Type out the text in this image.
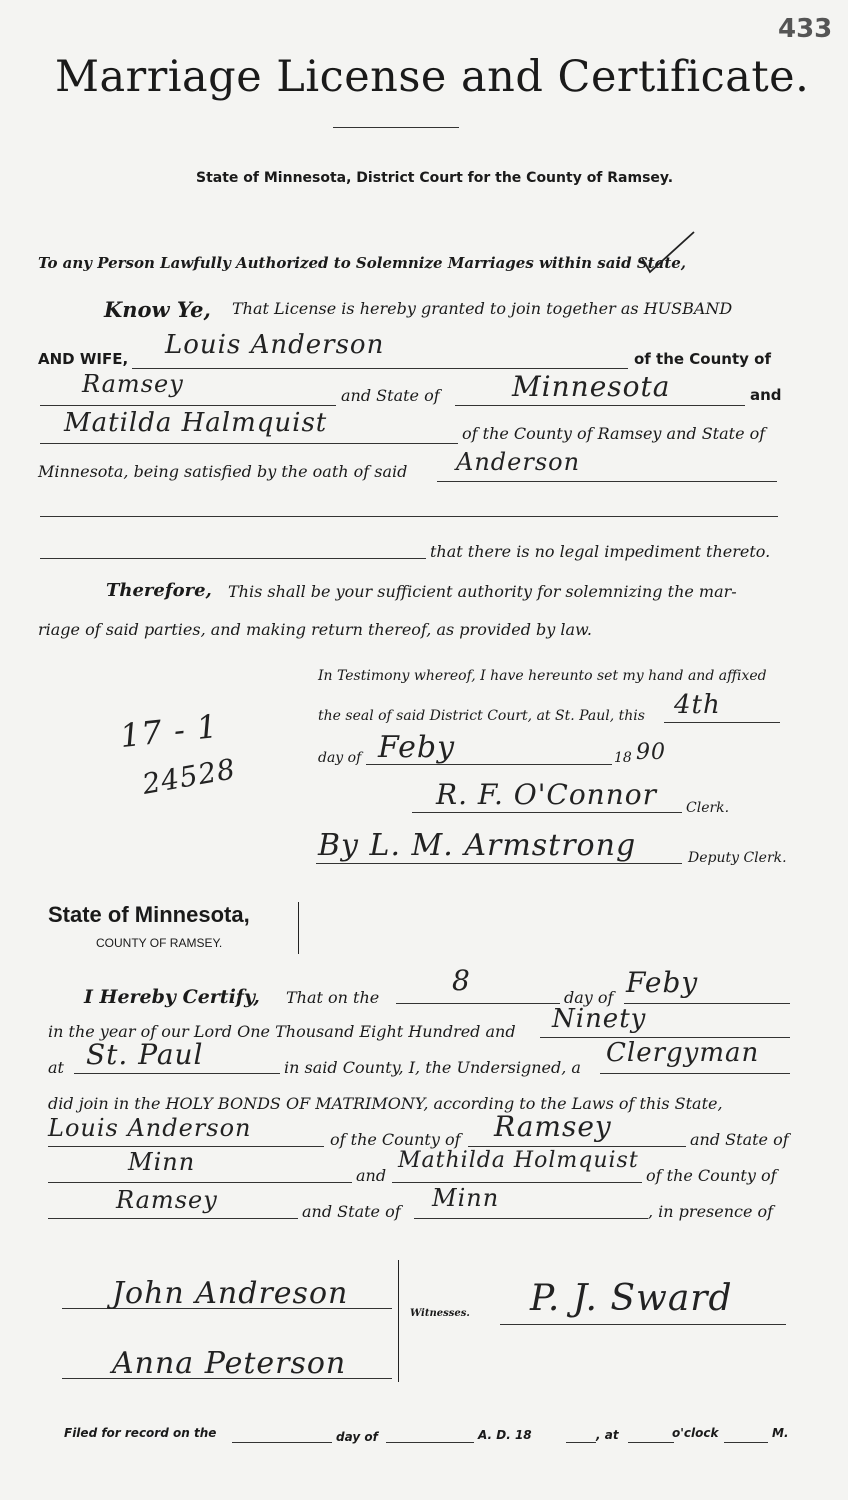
433
Marriage License and Certificate.
State of Minnesota, District Court for the County of Ramsey.
To any Person Lawfully Authorized to Solemnize Marriages within said State,
Know Ye, That License is hereby granted to join together as HUSBAND
AND WIFE, Louis Anderson	of the County of
Ramsey	and State of	Minnesota	and
Matilda Halmquist	of the County of Ramsey and State of
Minnesota, being satisfied by the oath of said Anderson
that there is no legal impediment thereto.
Therefore, This shall be your sufficient authority for solemnizing the mar-
riage of said parties, and making return thereof, as provided by law.
In Testimony whereof, I have hereunto set my hand and affixed
the seal of said District Court, at St. Paul, this 4th
day of Feby	18 90
R. F. O'Connor Clerk.
By L. M. Armstrong	Deputy Clerk.
17 - 1
24528
State of Minnesota,
COUNTY OF RAMSEY.
I Hereby Certify, That on the
8
day of Feby
in the year of our Lord One Thousand Eight Hundred and Ninety
at St. Paul	in said County, I, the Undersigned, a Clergyman
did join in the HOLY BONDS OF MATRIMONY, according to the Laws of this State,
Louis Anderson	of the County of Ramsey	and State of
Minn	and
Mathilda Holmquist
of the County of
Ramsey	and State of Minn	, in presence of
John Andreson
Anna Peterson
Witnesses. P. J. Sward
Filed for record on the	day of	A. D. 18	, at	o'clock	M.
